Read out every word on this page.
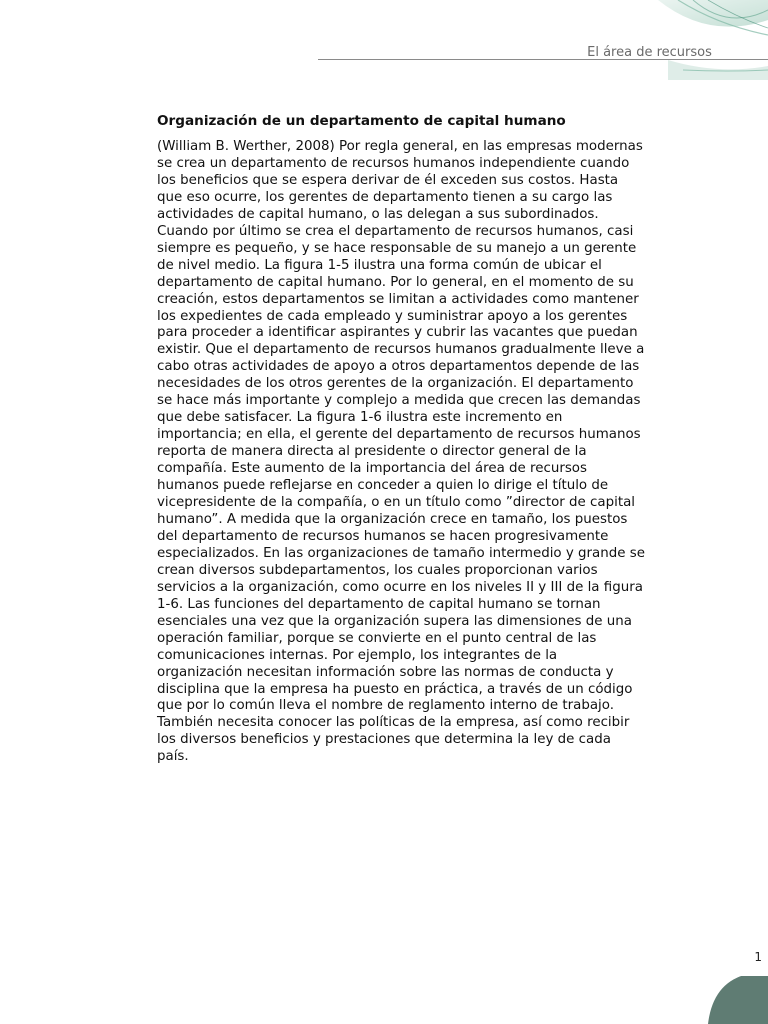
El área de recursos
Organización de un departamento de capital humano
(William B. Werther, 2008) Por regla general, en las empresas modernas
se crea un departamento de recursos humanos independiente cuando
los beneficios que se espera derivar de él exceden sus costos. Hasta
que eso ocurre, los gerentes de departamento tienen a su cargo las
actividades de capital humano, o las delegan a sus subordinados.
Cuando por último se crea el departamento de recursos humanos, casi
siempre es pequeño, y se hace responsable de su manejo a un gerente
de nivel medio. La figura 1-5 ilustra una forma común de ubicar el
departamento de capital humano. Por lo general, en el momento de su
creación, estos departamentos se limitan a actividades como mantener
los expedientes de cada empleado y suministrar apoyo a los gerentes
para proceder a identificar aspirantes y cubrir las vacantes que puedan
existir. Que el departamento de recursos humanos gradualmente lleve a
cabo otras actividades de apoyo a otros departamentos depende de las
necesidades de los otros gerentes de la organización. El departamento
se hace más importante y complejo a medida que crecen las demandas
que debe satisfacer. La figura 1-6 ilustra este incremento en
importancia; en ella, el gerente del departamento de recursos humanos
reporta de manera directa al presidente o director general de la
compañía. Este aumento de la importancia del área de recursos
humanos puede reflejarse en conceder a quien lo dirige el título de
vicepresidente de la compañía, o en un título como ”director de capital
humano”. A medida que la organización crece en tamaño, los puestos
del departamento de recursos humanos se hacen progresivamente
especializados. En las organizaciones de tamaño intermedio y grande se
crean diversos subdepartamentos, los cuales proporcionan varios
servicios a la organización, como ocurre en los niveles II y III de la figura
1-6. Las funciones del departamento de capital humano se tornan
esenciales una vez que la organización supera las dimensiones de una
operación familiar, porque se convierte en el punto central de las
comunicaciones internas. Por ejemplo, los integrantes de la
organización necesitan información sobre las normas de conducta y
disciplina que la empresa ha puesto en práctica, a través de un código
que por lo común lleva el nombre de reglamento interno de trabajo.
También necesita conocer las políticas de la empresa, así como recibir
los diversos beneficios y prestaciones que determina la ley de cada
país.
1
